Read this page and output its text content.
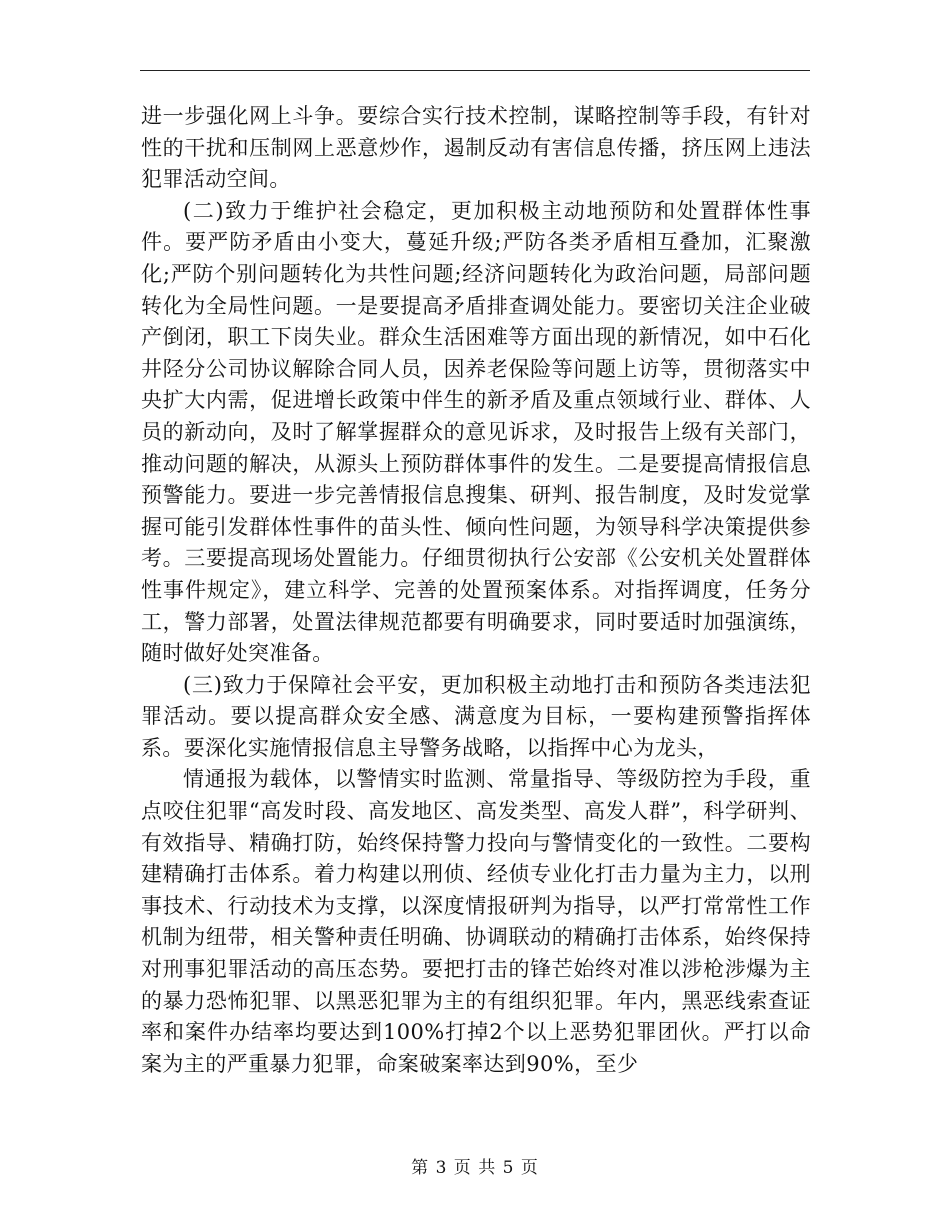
进一步强化网上斗争。要综合实行技术控制，谋略控制等手段，有针对性的干扰和压制网上恶意炒作，遏制反动有害信息传播，挤压网上违法犯罪活动空间。

(二)致力于维护社会稳定，更加积极主动地预防和处置群体性事件。要严防矛盾由小变大，蔓延升级;严防各类矛盾相互叠加，汇聚激化;严防个别问题转化为共性问题;经济问题转化为政治问题，局部问题转化为全局性问题。一是要提高矛盾排查调处能力。要密切关注企业破产倒闭，职工下岗失业。群众生活困难等方面出现的新情况，如中石化井陉分公司协议解除合同人员，因养老保险等问题上访等，贯彻落实中央扩大内需，促进增长政策中伴生的新矛盾及重点领域行业、群体、人员的新动向，及时了解掌握群众的意见诉求，及时报告上级有关部门，推动问题的解决，从源头上预防群体事件的发生。二是要提高情报信息预警能力。要进一步完善情报信息搜集、研判、报告制度，及时发觉掌握可能引发群体性事件的苗头性、倾向性问题，为领导科学决策提供参考。三要提高现场处置能力。仔细贯彻执行公安部《公安机关处置群体性事件规定》，建立科学、完善的处置预案体系。对指挥调度，任务分工，警力部署，处置法律规范都要有明确要求，同时要适时加强演练，随时做好处突准备。

(三)致力于保障社会平安，更加积极主动地打击和预防各类违法犯罪活动。要以提高群众安全感、满意度为目标，一要构建预警指挥体系。要深化实施情报信息主导警务战略，以指挥中心为龙头，

情通报为载体，以警情实时监测、常量指导、等级防控为手段，重点咬住犯罪“高发时段、高发地区、高发类型、高发人群”，科学研判、有效指导、精确打防，始终保持警力投向与警情变化的一致性。二要构建精确打击体系。着力构建以刑侦、经侦专业化打击力量为主力，以刑事技术、行动技术为支撑，以深度情报研判为指导，以严打常常性工作机制为纽带，相关警种责任明确、协调联动的精确打击体系，始终保持对刑事犯罪活动的高压态势。要把打击的锋芒始终对准以涉枪涉爆为主的暴力恐怖犯罪、以黑恶犯罪为主的有组织犯罪。年内，黑恶线索查证率和案件办结率均要达到100%打掉2个以上恶势犯罪团伙。严打以命案为主的严重暴力犯罪，命案破案率达到90%，至少

第 3 页 共 5 页
